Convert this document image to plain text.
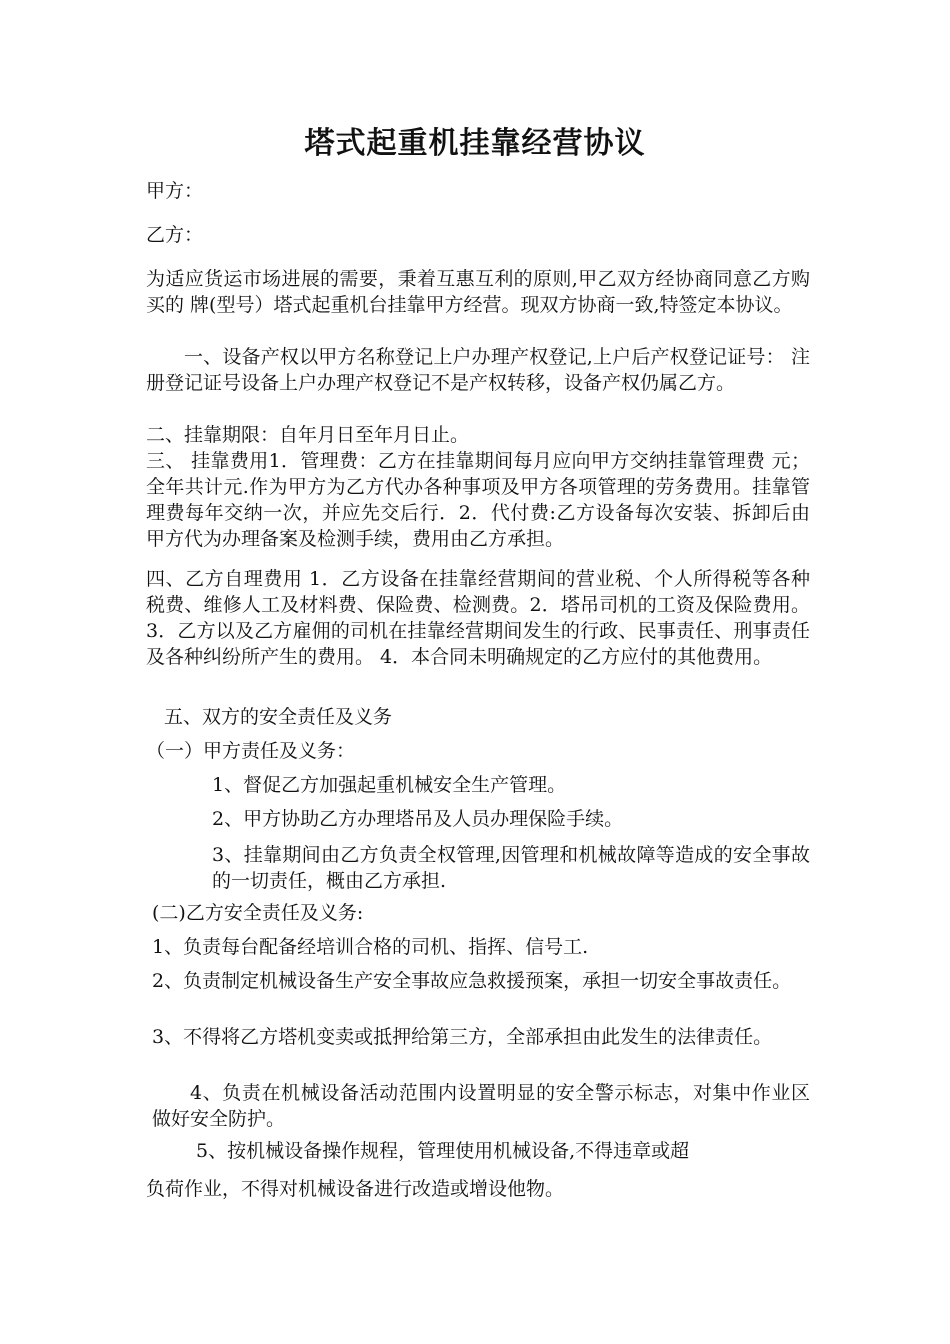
塔式起重机挂靠经营协议
甲方：
乙方：
为适应货运市场进展的需要，秉着互惠互利的原则,甲乙双方经协商同意乙方购买的 牌(型号）塔式起重机台挂靠甲方经营。现双方协商一致,特签定本协议。
一、设备产权以甲方名称登记上户办理产权登记,上户后产权登记证号： 注册登记证号设备上户办理产权登记不是产权转移，设备产权仍属乙方。
二、挂靠期限：自年月日至年月日止。
三、 挂靠费用1．管理费：乙方在挂靠期间每月应向甲方交纳挂靠管理费 元；全年共计元.作为甲方为乙方代办各种事项及甲方各项管理的劳务费用。挂靠管理费每年交纳一次，并应先交后行．2．代付费:乙方设备每次安装、拆卸后由甲方代为办理备案及检测手续，费用由乙方承担。
四、乙方自理费用 1．乙方设备在挂靠经营期间的营业税、个人所得税等各种税费、维修人工及材料费、保险费、检测费。2．塔吊司机的工资及保险费用。 3．乙方以及乙方雇佣的司机在挂靠经营期间发生的行政、民事责任、刑事责任及各种纠纷所产生的费用。 4．本合同未明确规定的乙方应付的其他费用。
五、双方的安全责任及义务
（一）甲方责任及义务：
1、督促乙方加强起重机械安全生产管理。
2、甲方协助乙方办理塔吊及人员办理保险手续。
3、挂靠期间由乙方负责全权管理,因管理和机械故障等造成的安全事故的一切责任，概由乙方承担.
(二)乙方安全责任及义务:
1、负责每台配备经培训合格的司机、指挥、信号工.
2、负责制定机械设备生产安全事故应急救援预案，承担一切安全事故责任。
3、不得将乙方塔机变卖或抵押给第三方，全部承担由此发生的法律责任。
4、负责在机械设备活动范围内设置明显的安全警示标志，对集中作业区做好安全防护。
5、按机械设备操作规程，管理使用机械设备,不得违章或超
负荷作业，不得对机械设备进行改造或增设他物。
